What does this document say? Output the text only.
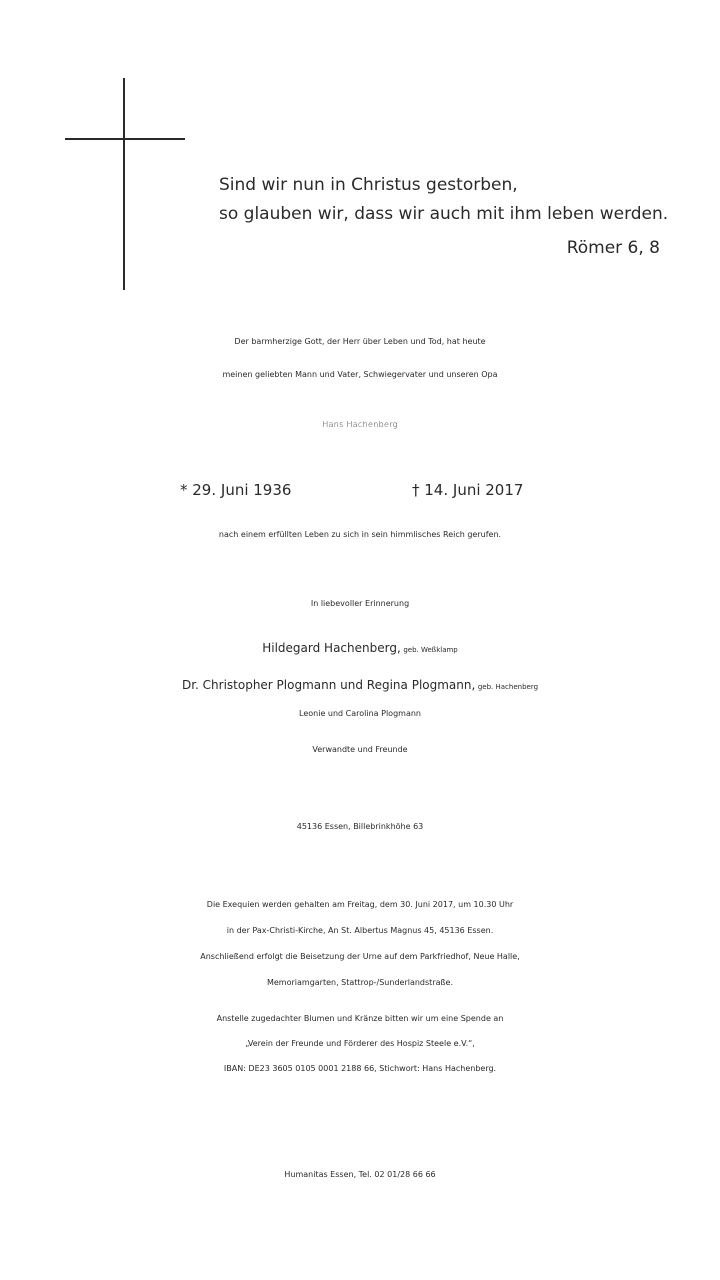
Sind wir nun in Christus gestorben,
so glauben wir, dass wir auch mit ihm leben werden.
Römer 6, 8
Der barmherzige Gott, der Herr über Leben und Tod, hat heute
meinen geliebten Mann und Vater, Schwiegervater und unseren Opa
Hans Hachenberg
* 29. Juni 1936	† 14. Juni 2017
nach einem erfüllten Leben zu sich in sein himmlisches Reich gerufen.
In liebevoller Erinnerung
Hildegard Hachenberg, geb. Weßklamp
Dr. Christopher Plogmann und Regina Plogmann, geb. Hachenberg
Leonie und Carolina Plogmann
Verwandte und Freunde
45136 Essen, Billebrinkhöhe 63
Die Exequien werden gehalten am Freitag, dem 30. Juni 2017, um 10.30 Uhr
in der Pax-Christi-Kirche, An St. Albertus Magnus 45, 45136 Essen.
Anschließend erfolgt die Beisetzung der Urne auf dem Parkfriedhof, Neue Halle,
Memoriamgarten, Stattrop-/Sunderlandstraße.
Anstelle zugedachter Blumen und Kränze bitten wir um eine Spende an
„Verein der Freunde und Förderer des Hospiz Steele e.V.“,
IBAN: DE23 3605 0105 0001 2188 66, Stichwort: Hans Hachenberg.
Humanitas Essen, Tel. 02 01/28 66 66
